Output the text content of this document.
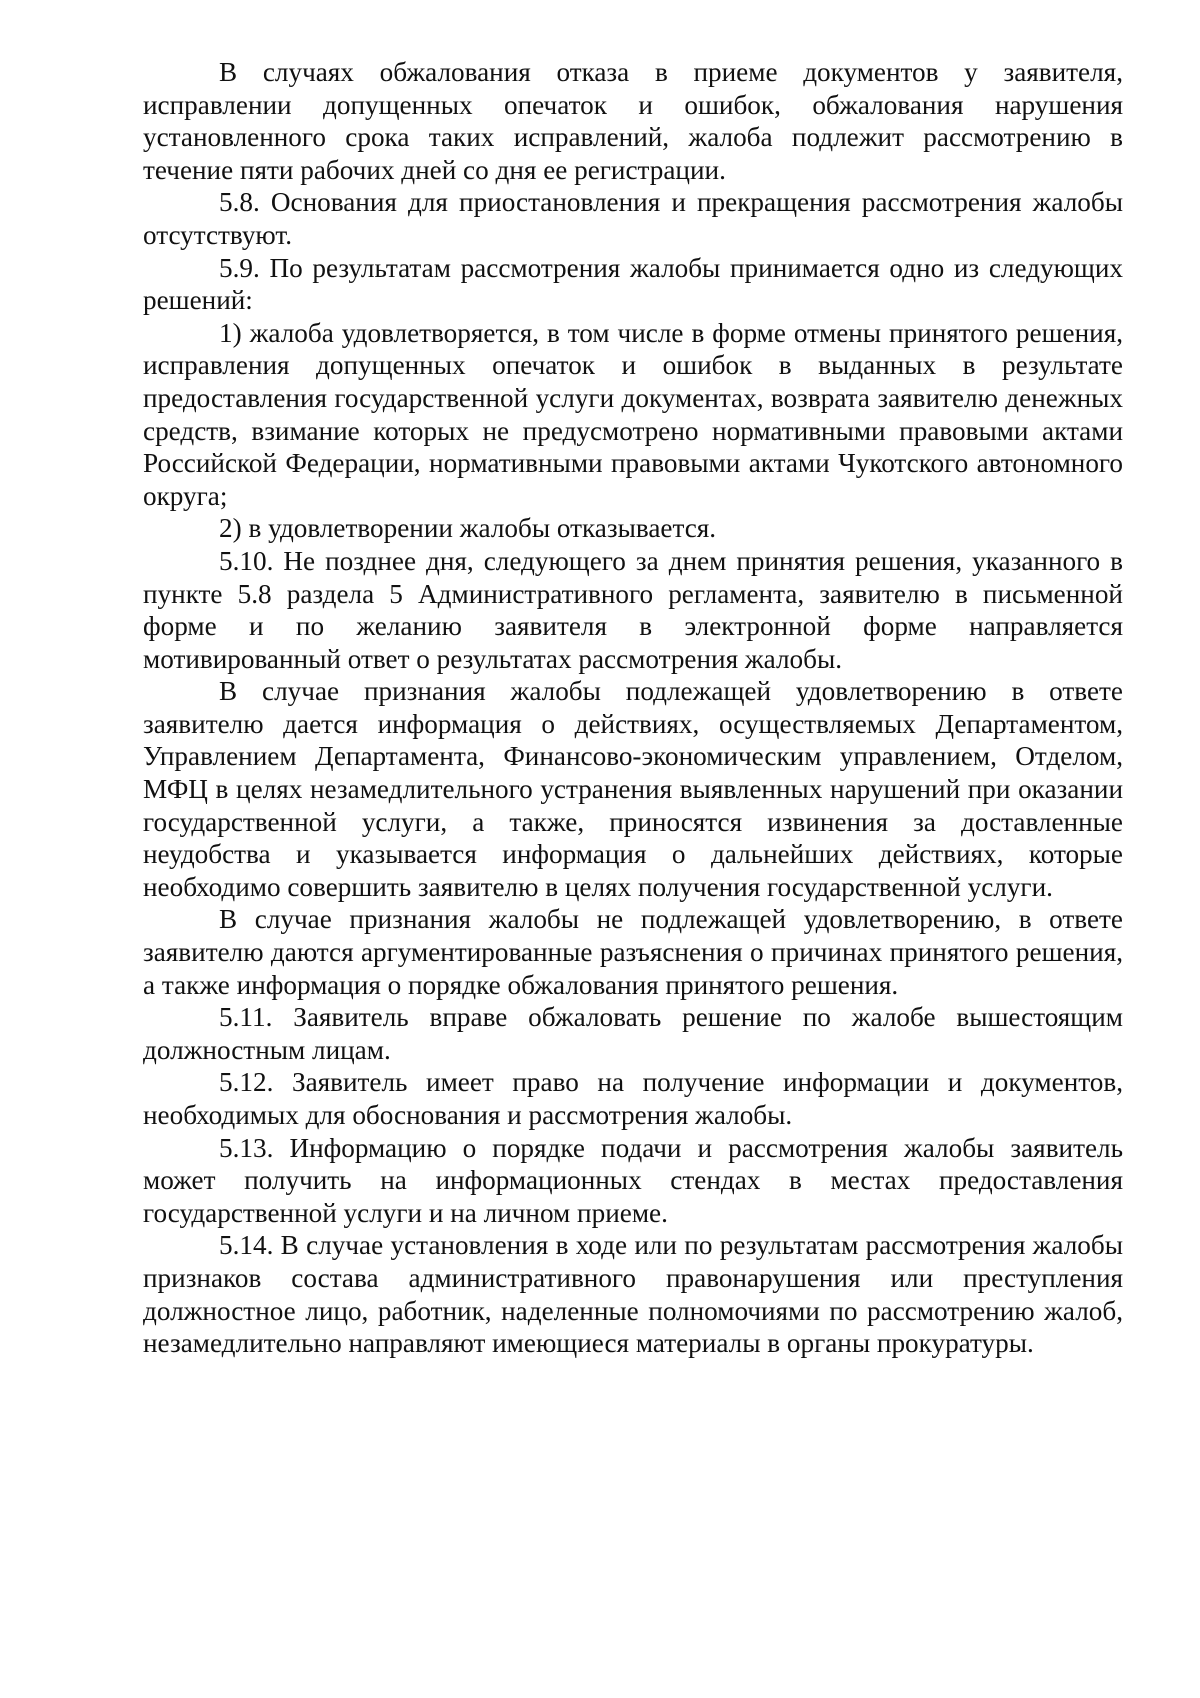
В случаях обжалования отказа в приеме документов у заявителя, исправлении допущенных опечаток и ошибок, обжалования нарушения установленного срока таких исправлений, жалоба подлежит рассмотрению в течение пяти рабочих дней со дня ее регистрации.

5.8. Основания для приостановления и прекращения рассмотрения жалобы отсутствуют.

5.9. По результатам рассмотрения жалобы принимается одно из следующих решений:

1) жалоба удовлетворяется, в том числе в форме отмены принятого решения, исправления допущенных опечаток и ошибок в выданных в результате предоставления государственной услуги документах, возврата заявителю денежных средств, взимание которых не предусмотрено нормативными правовыми актами Российской Федерации, нормативными правовыми актами Чукотского автономного округа;

2) в удовлетворении жалобы отказывается.

5.10. Не позднее дня, следующего за днем принятия решения, указанного в пункте 5.8 раздела 5 Административного регламента, заявителю в письменной форме и по желанию заявителя в электронной форме направляется мотивированный ответ о результатах рассмотрения жалобы.

В случае признания жалобы подлежащей удовлетворению в ответе заявителю дается информация о действиях, осуществляемых Департаментом, Управлением Департамента, Финансово-экономическим управлением, Отделом, МФЦ в целях незамедлительного устранения выявленных нарушений при оказании государственной услуги, а также, приносятся извинения за доставленные неудобства и указывается информация о дальнейших действиях, которые необходимо совершить заявителю в целях получения государственной услуги.

В случае признания жалобы не подлежащей удовлетворению, в ответе заявителю даются аргументированные разъяснения о причинах принятого решения, а также информация о порядке обжалования принятого решения.

5.11. Заявитель вправе обжаловать решение по жалобе вышестоящим должностным лицам.

5.12. Заявитель имеет право на получение информации и документов, необходимых для обоснования и рассмотрения жалобы.

5.13. Информацию о порядке подачи и рассмотрения жалобы заявитель может получить на информационных стендах в местах предоставления государственной услуги и на личном приеме.

5.14. В случае установления в ходе или по результатам рассмотрения жалобы признаков состава административного правонарушения или преступления должностное лицо, работник, наделенные полномочиями по рассмотрению жалоб, незамедлительно направляют имеющиеся материалы в органы прокуратуры.
